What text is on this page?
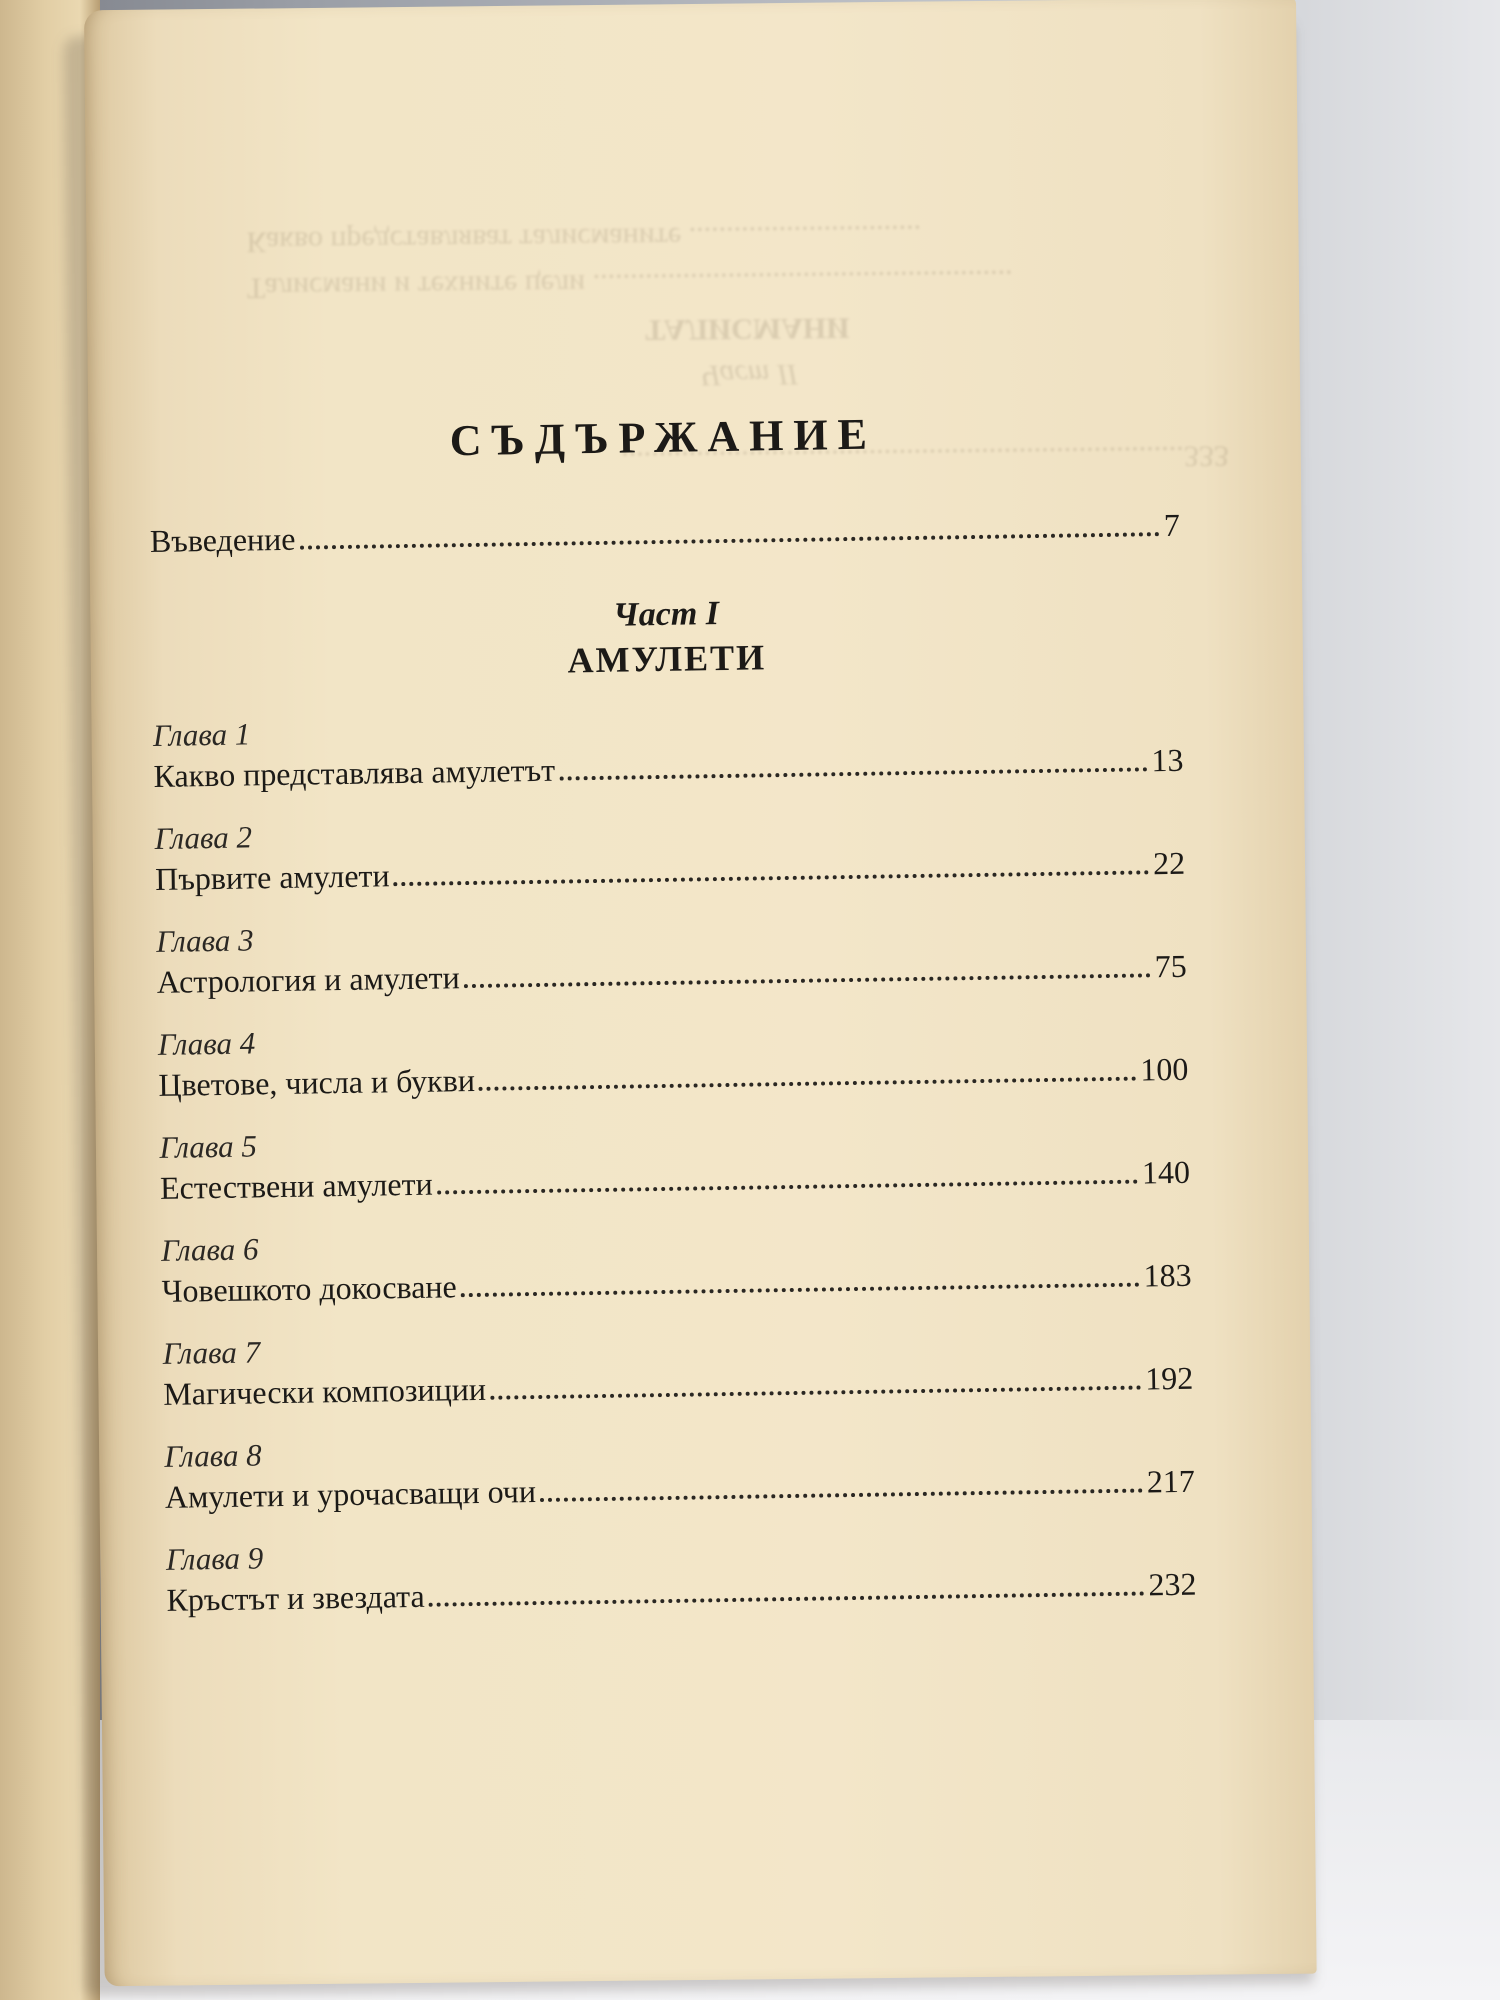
...........................................................................333
Част II
ТАЛИСМАНИ
Талисмани и техните цели ........................................................
Какво представляват талисманите ...............................
СЪДЪРЖАНИЕ
Въведение	7
Част I
АМУЛЕТИ
Глава 1
Какво представлява амулетът	13
Глава 2
Първите амулети	22
Глава 3
Астрология и амулети	75
Глава 4
Цветове, числа и букви	100
Глава 5
Естествени амулети	140
Глава 6
Човешкото докосване	183
Глава 7
Магически композиции	192
Глава 8
Амулети и урочасващи очи	217
Глава 9
Кръстът и звездата	232
